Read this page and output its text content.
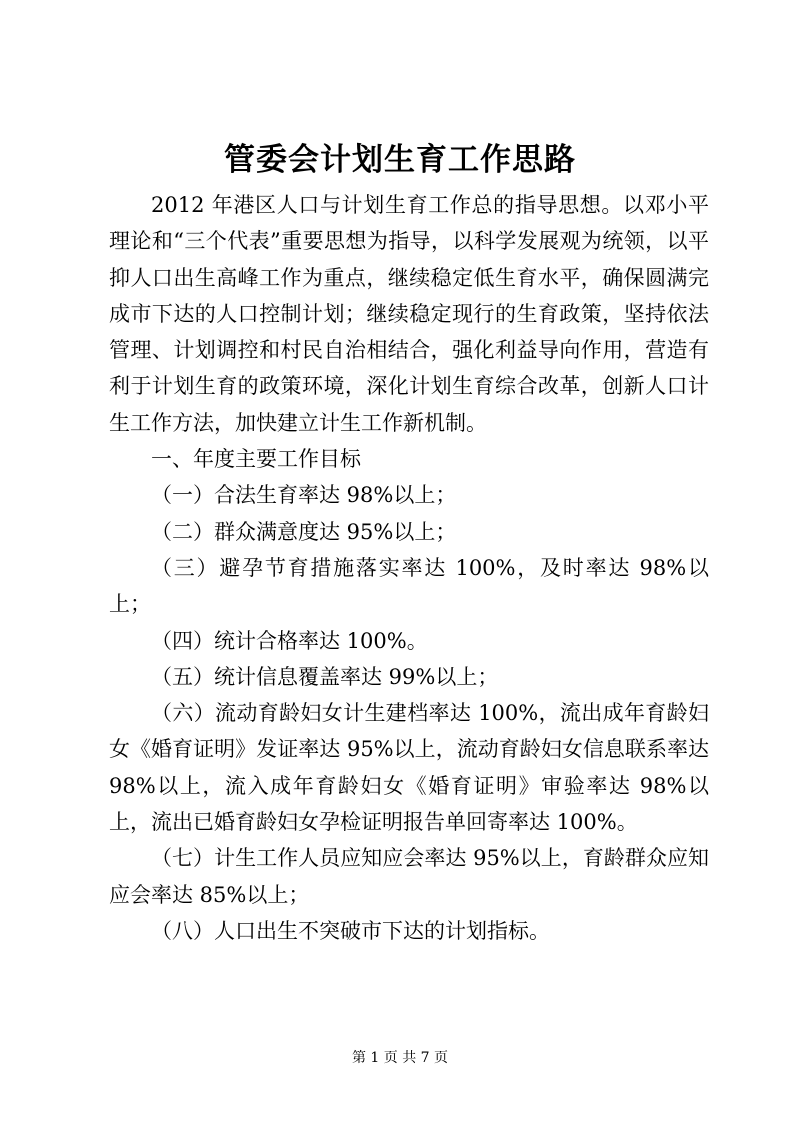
管委会计划生育工作思路

2012 年港区人口与计划生育工作总的指导思想。以邓小平理论和“三个代表”重要思想为指导，以科学发展观为统领，以平抑人口出生高峰工作为重点，继续稳定低生育水平，确保圆满完成市下达的人口控制计划；继续稳定现行的生育政策，坚持依法管理、计划调控和村民自治相结合，强化利益导向作用，营造有利于计划生育的政策环境，深化计划生育综合改革，创新人口计生工作方法，加快建立计生工作新机制。

一、年度主要工作目标

（一）合法生育率达 98%以上；

（二）群众满意度达 95%以上；

（三）避孕节育措施落实率达 100%，及时率达 98%以上；

（四）统计合格率达 100%。

（五）统计信息覆盖率达 99%以上；

（六）流动育龄妇女计生建档率达 100%，流出成年育龄妇女《婚育证明》发证率达 95%以上，流动育龄妇女信息联系率达 98%以上，流入成年育龄妇女《婚育证明》审验率达 98%以上，流出已婚育龄妇女孕检证明报告单回寄率达 100%。

（七）计生工作人员应知应会率达 95%以上，育龄群众应知应会率达 85%以上；

（八）人口出生不突破市下达的计划指标。

第 1 页 共 7 页
